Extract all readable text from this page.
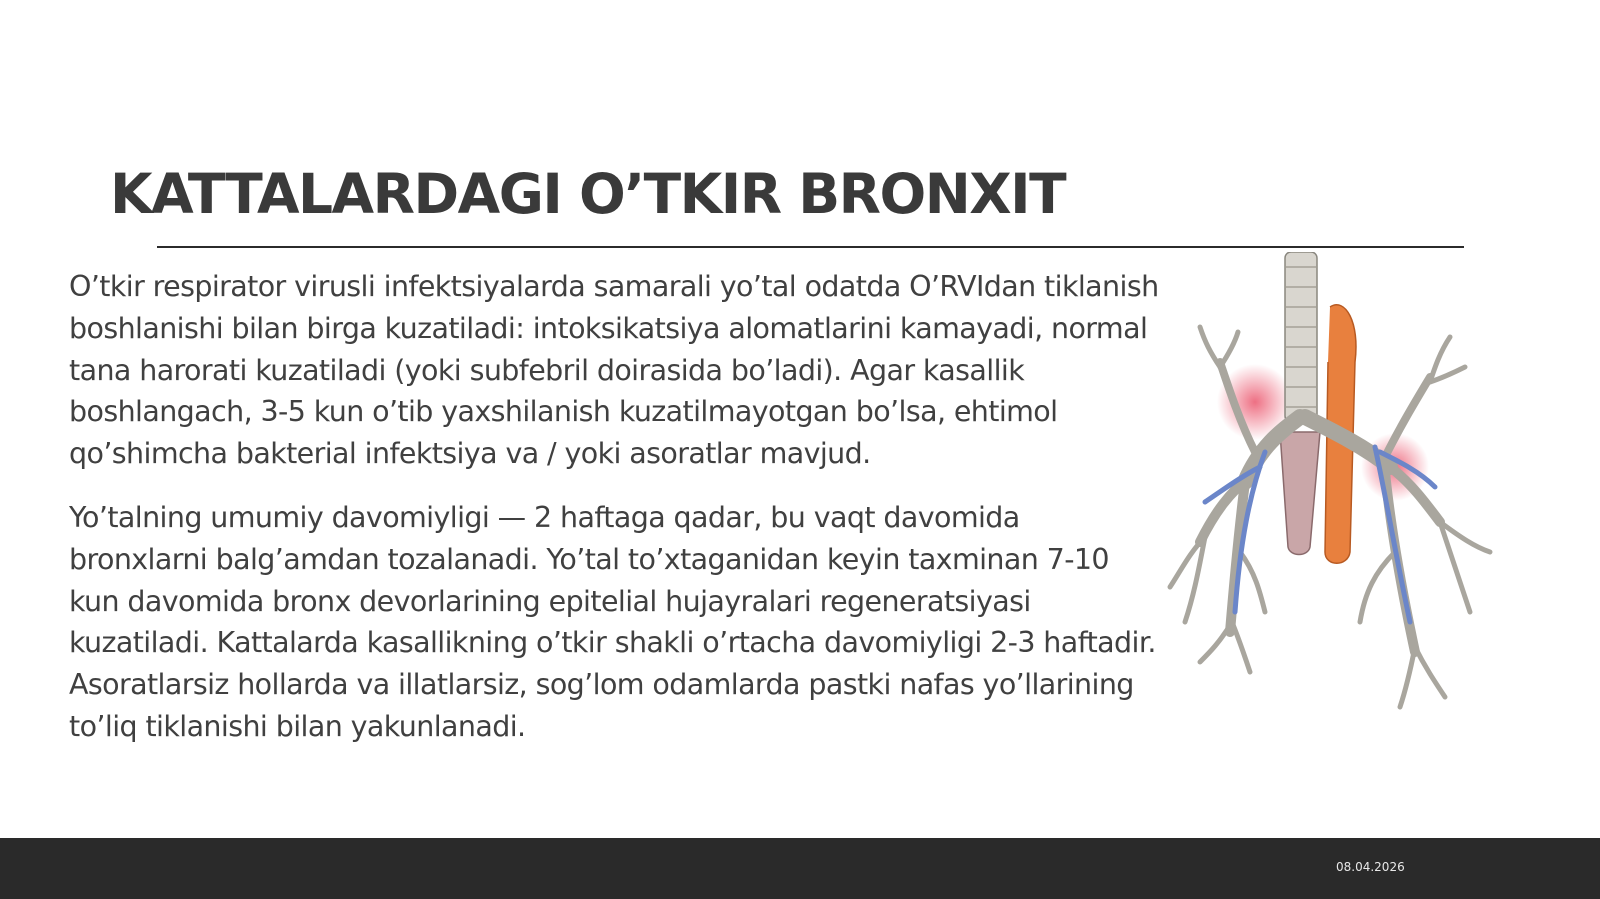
KATTALARDAGI O’TKIR BRONXIT

O’tkir respirator virusli infektsiyalarda samarali yo’tal odatda O’RVIdan tiklanish boshlanishi bilan birga kuzatiladi: intoksikatsiya alomatlarini kamayadi, normal tana harorati kuzatiladi (yoki subfebril doirasida bo’ladi). Agar kasallik boshlangach, 3-5 kun o’tib yaxshilanish kuzatilmayotgan bo’lsa, ehtimol qo’shimcha bakterial infektsiya va / yoki asoratlar mavjud.

Yo’talning umumiy davomiyligi — 2 haftaga qadar, bu vaqt davomida bronxlarni balg’amdan tozalanadi. Yo’tal to’xtaganidan keyin taxminan 7-10 kun davomida bronx devorlarining epitelial hujayralari regeneratsiyasi kuzatiladi. Kattalarda kasallikning o’tkir shakli o’rtacha davomiyligi 2-3 haftadir. Asoratlarsiz hollarda va illatlarsiz, sog’lom odamlarda pastki nafas yo’llarining to’liq tiklanishi bilan yakunlanadi.

08.04.2026
